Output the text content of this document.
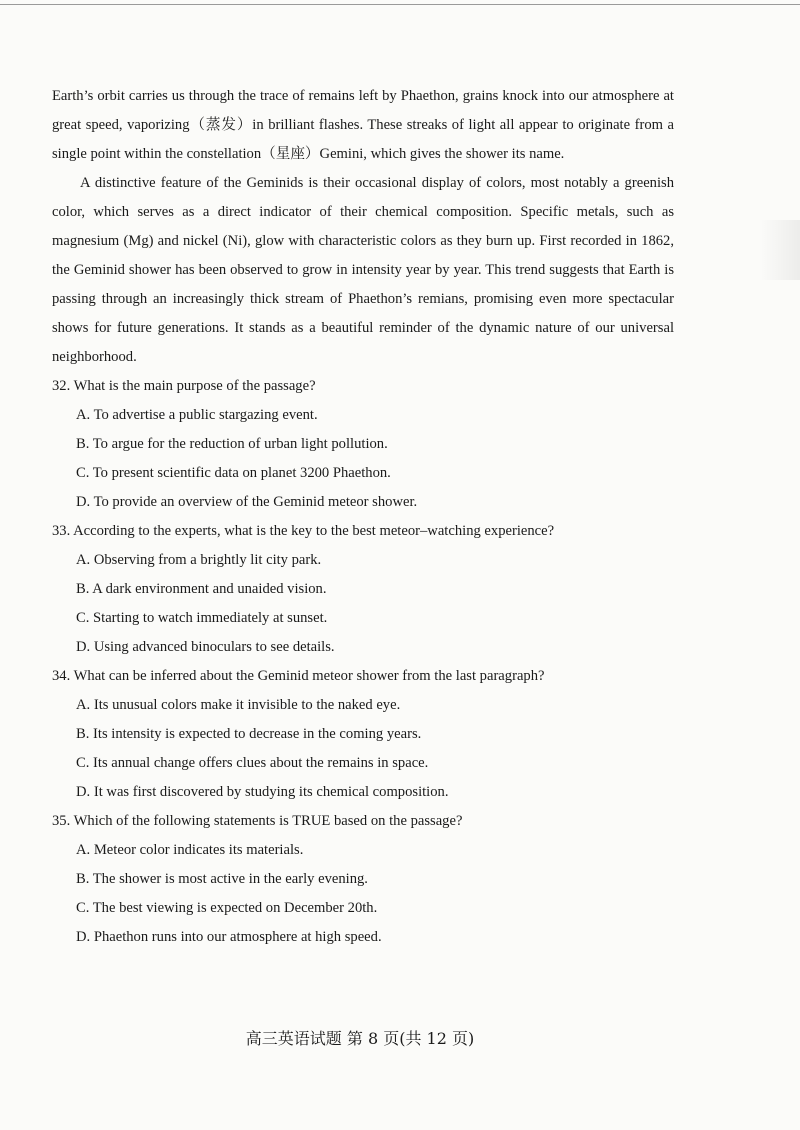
Earth’s orbit carries us through the trace of remains left by Phaethon, grains knock into our atmosphere at great speed, vaporizing（蒸发）in brilliant flashes. These streaks of light all appear to originate from a single point within the constellation（星座）Gemini, which gives the shower its name.

A distinctive feature of the Geminids is their occasional display of colors, most notably a greenish color, which serves as a direct indicator of their chemical composition. Specific metals, such as magnesium (Mg) and nickel (Ni), glow with characteristic colors as they burn up. First recorded in 1862, the Geminid shower has been observed to grow in intensity year by year. This trend suggests that Earth is passing through an increasingly thick stream of Phaethon’s remians, promising even more spectacular shows for future generations. It stands as a beautiful reminder of the dynamic nature of our universal neighborhood.

32. What is the main purpose of the passage?

A. To advertise a public stargazing event.
B. To argue for the reduction of urban light pollution.
C. To present scientific data on planet 3200 Phaethon.
D. To provide an overview of the Geminid meteor shower.

33. According to the experts, what is the key to the best meteor–watching experience?

A. Observing from a brightly lit city park.
B. A dark environment and unaided vision.
C. Starting to watch immediately at sunset.
D. Using advanced binoculars to see details.

34. What can be inferred about the Geminid meteor shower from the last paragraph?

A. Its unusual colors make it invisible to the naked eye.
B. Its intensity is expected to decrease in the coming years.
C. Its annual change offers clues about the remains in space.
D. It was first discovered by studying its chemical composition.

35. Which of the following statements is TRUE based on the passage?

A. Meteor color indicates its materials.
B. The shower is most active in the early evening.
C. The best viewing is expected on December 20th.
D. Phaethon runs into our atmosphere at high speed.
高三英语试题 第 8 页(共 12 页)
